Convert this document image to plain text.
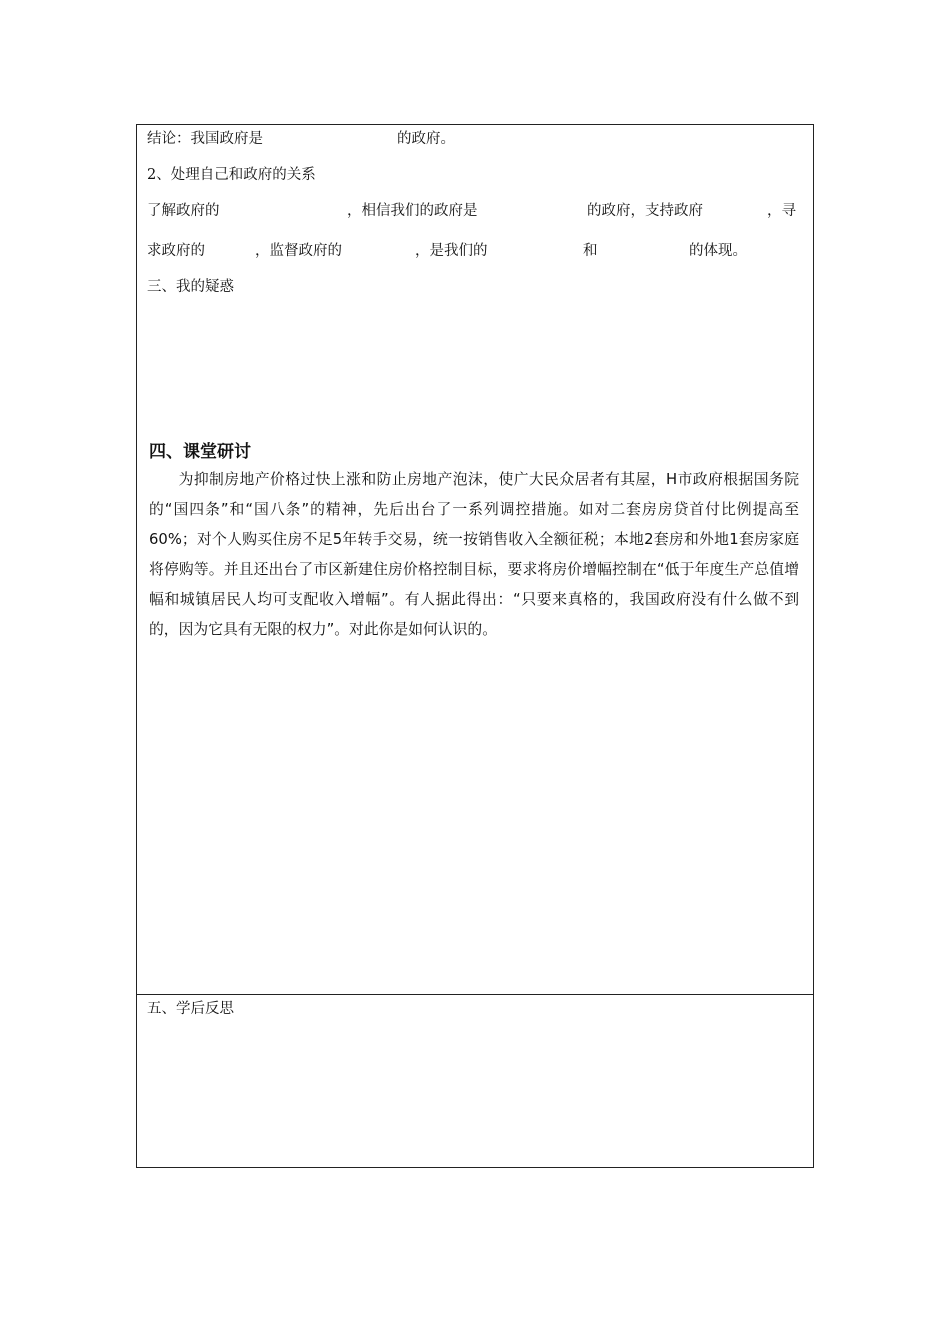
结论：我国政府是	的政府。
2、处理自己和政府的关系
了解政府的	，相信我们的政府是	的政府，支持政府	，寻
求政府的	，监督政府的	，是我们的	和	的体现。
三、我的疑惑
四、课堂研讨

为抑制房地产价格过快上涨和防止房地产泡沫，使广大民众居者有其屋，H市政府根据国务院的“国四条”和“国八条”的精神，先后出台了一系列调控措施。如对二套房房贷首付比例提高至60%；对个人购买住房不足5年转手交易，统一按销售收入全额征税；本地2套房和外地1套房家庭将停购等。并且还出台了市区新建住房价格控制目标，要求将房价增幅控制在“低于年度生产总值增幅和城镇居民人均可支配收入增幅”。有人据此得出：“只要来真格的，我国政府没有什么做不到的，因为它具有无限的权力”。对此你是如何认识的。

五、学后反思
